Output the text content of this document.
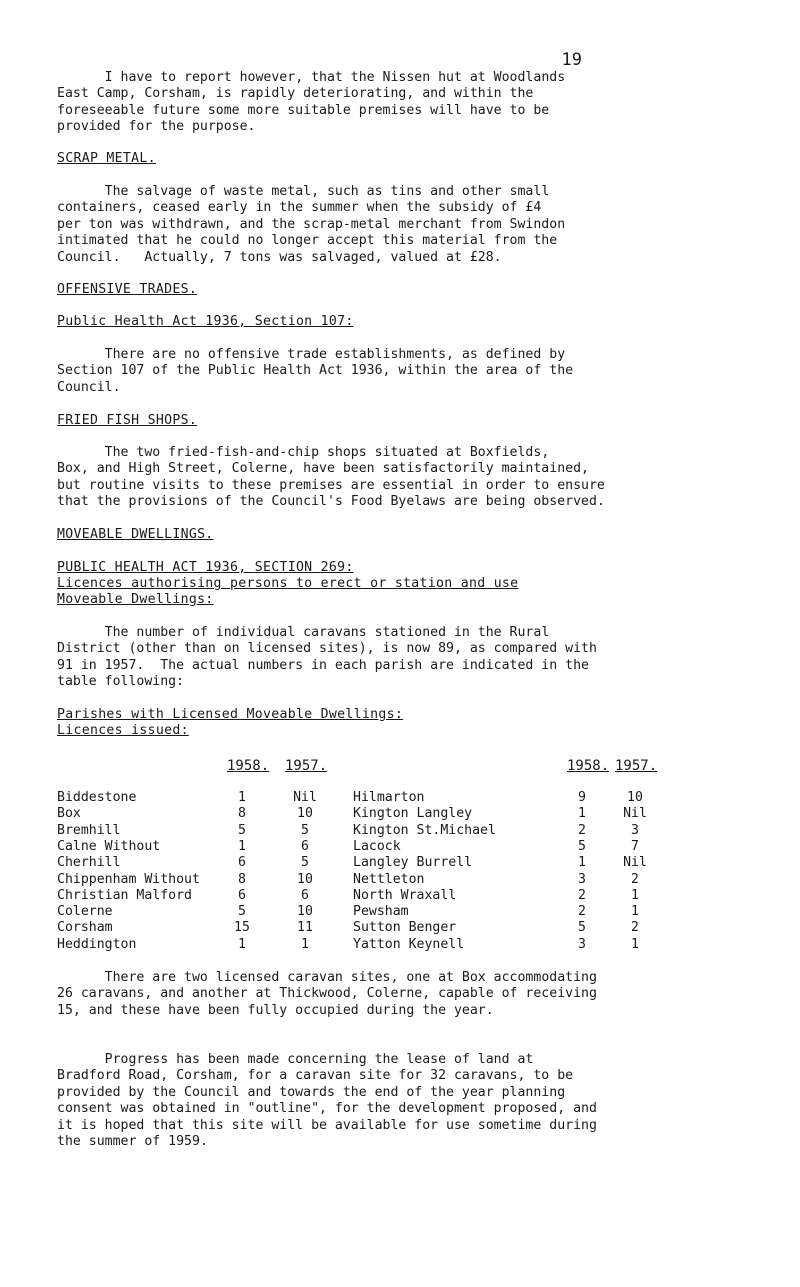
19

I have to report however, that the Nissen hut at Woodlands
East Camp, Corsham, is rapidly deteriorating, and within the
foreseeable future some more suitable premises will have to be
provided for the purpose.

SCRAP METAL.

The salvage of waste metal, such as tins and other small
containers, ceased early in the summer when the subsidy of £4
per ton was withdrawn, and the scrap-metal merchant from Swindon
intimated that he could no longer accept this material from the
Council.   Actually, 7 tons was salvaged, valued at £28.

OFFENSIVE TRADES.
Public Health Act 1936, Section 107:

There are no offensive trade establishments, as defined by
Section 107 of the Public Health Act 1936, within the area of the
Council.

FRIED FISH SHOPS.

The two fried-fish-and-chip shops situated at Boxfields,
Box, and High Street, Colerne, have been satisfactorily maintained,
but routine visits to these premises are essential in order to ensure
that the provisions of the Council's Food Byelaws are being observed.

MOVEABLE DWELLINGS.
PUBLIC HEALTH ACT 1936, SECTION 269:
Licences authorising persons to erect or station and use
Moveable Dwellings:

The number of individual caravans stationed in the Rural
District (other than on licensed sites), is now 89, as compared with
91 in 1957.  The actual numbers in each parish are indicated in the
table following:

Parishes with Licensed Moveable Dwellings:
Licences issued:
1958. 1957.	1958. 1957.
Biddestone	1	Nil	Hilmarton	9	10
Box	8	10	Kington Langley	1	Nil
Bremhill	5	5	Kington St.Michael	2	3
Calne Without	1	6	Lacock	5	7
Cherhill	6	5	Langley Burrell	1	Nil
Chippenham Without	8	10	Nettleton	3	2
Christian Malford	6	6	North Wraxall	2	1
Colerne	5	10	Pewsham	2	1
Corsham	15	11	Sutton Benger	5	2
Heddington	1	1	Yatton Keynell	3	1

There are two licensed caravan sites, one at Box accommodating
26 caravans, and another at Thickwood, Colerne, capable of receiving
15, and these have been fully occupied during the year.

Progress has been made concerning the lease of land at
Bradford Road, Corsham, for a caravan site for 32 caravans, to be
provided by the Council and towards the end of the year planning
consent was obtained in "outline", for the development proposed, and
it is hoped that this site will be available for use sometime during
the summer of 1959.
